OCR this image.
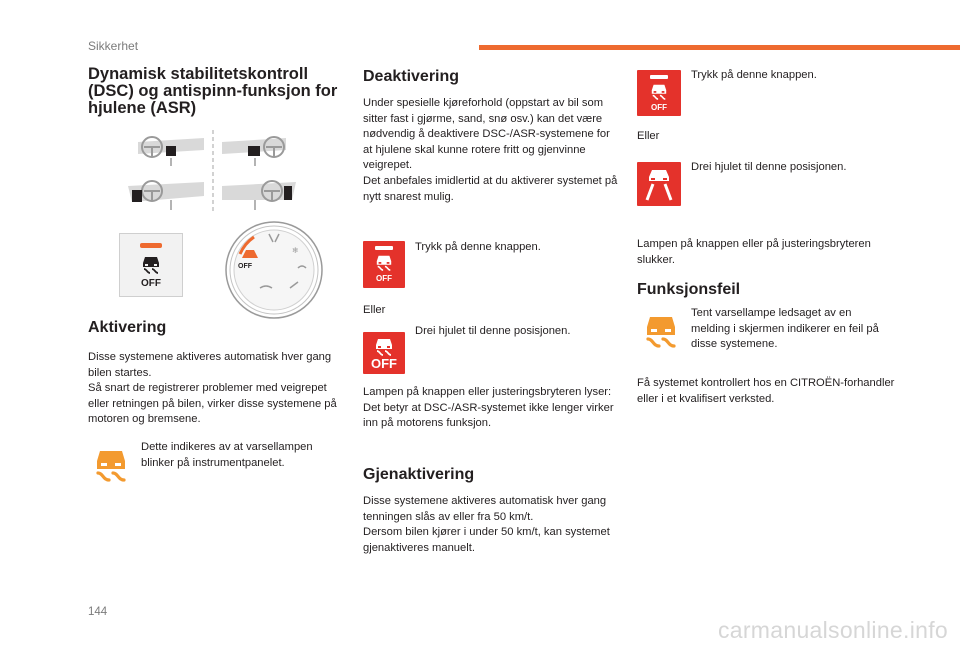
Sikkerhet
Dynamisk stabilitetskontroll (DSC) og antispinn-funksjon for hjulene (ASR)
OFF
❄
OFF
Aktivering

Disse systemene aktiveres automatisk hver gang bilen startes.
Så snart de registrerer problemer med veigrepet eller retningen på bilen, virker disse systemene på motoren og bremsene.

Dette indikeres av at varsellampen blinker på instrumentpanelet.

Deaktivering

Under spesielle kjøreforhold (oppstart av bil som sitter fast i gjørme, sand, snø osv.) kan det være nødvendig å deaktivere DSC-/ASR-systemene for at hjulene skal kunne rotere fritt og gjenvinne veigrepet.
Det anbefales imidlertid at du aktiverer systemet på nytt snarest mulig.

OFF

Trykk på denne knappen.

Eller

OFF

Drei hjulet til denne posisjonen.

Lampen på knappen eller justeringsbryteren lyser: Det betyr at DSC-/ASR-systemet ikke lenger virker inn på motorens funksjon.

Gjenaktivering

Disse systemene aktiveres automatisk hver gang tenningen slås av eller fra 50 km/t.
Dersom bilen kjører i under 50 km/t, kan systemet gjenaktiveres manuelt.

OFF

Trykk på denne knappen.

Eller

Drei hjulet til denne posisjonen.

Lampen på knappen eller på justeringsbryteren slukker.

Funksjonsfeil

Tent varsellampe ledsaget av en melding i skjermen indikerer en feil på disse systemene.

Få systemet kontrollert hos en CITROËN-forhandler eller i et kvalifisert verksted.

144
carmanualsonline.info
